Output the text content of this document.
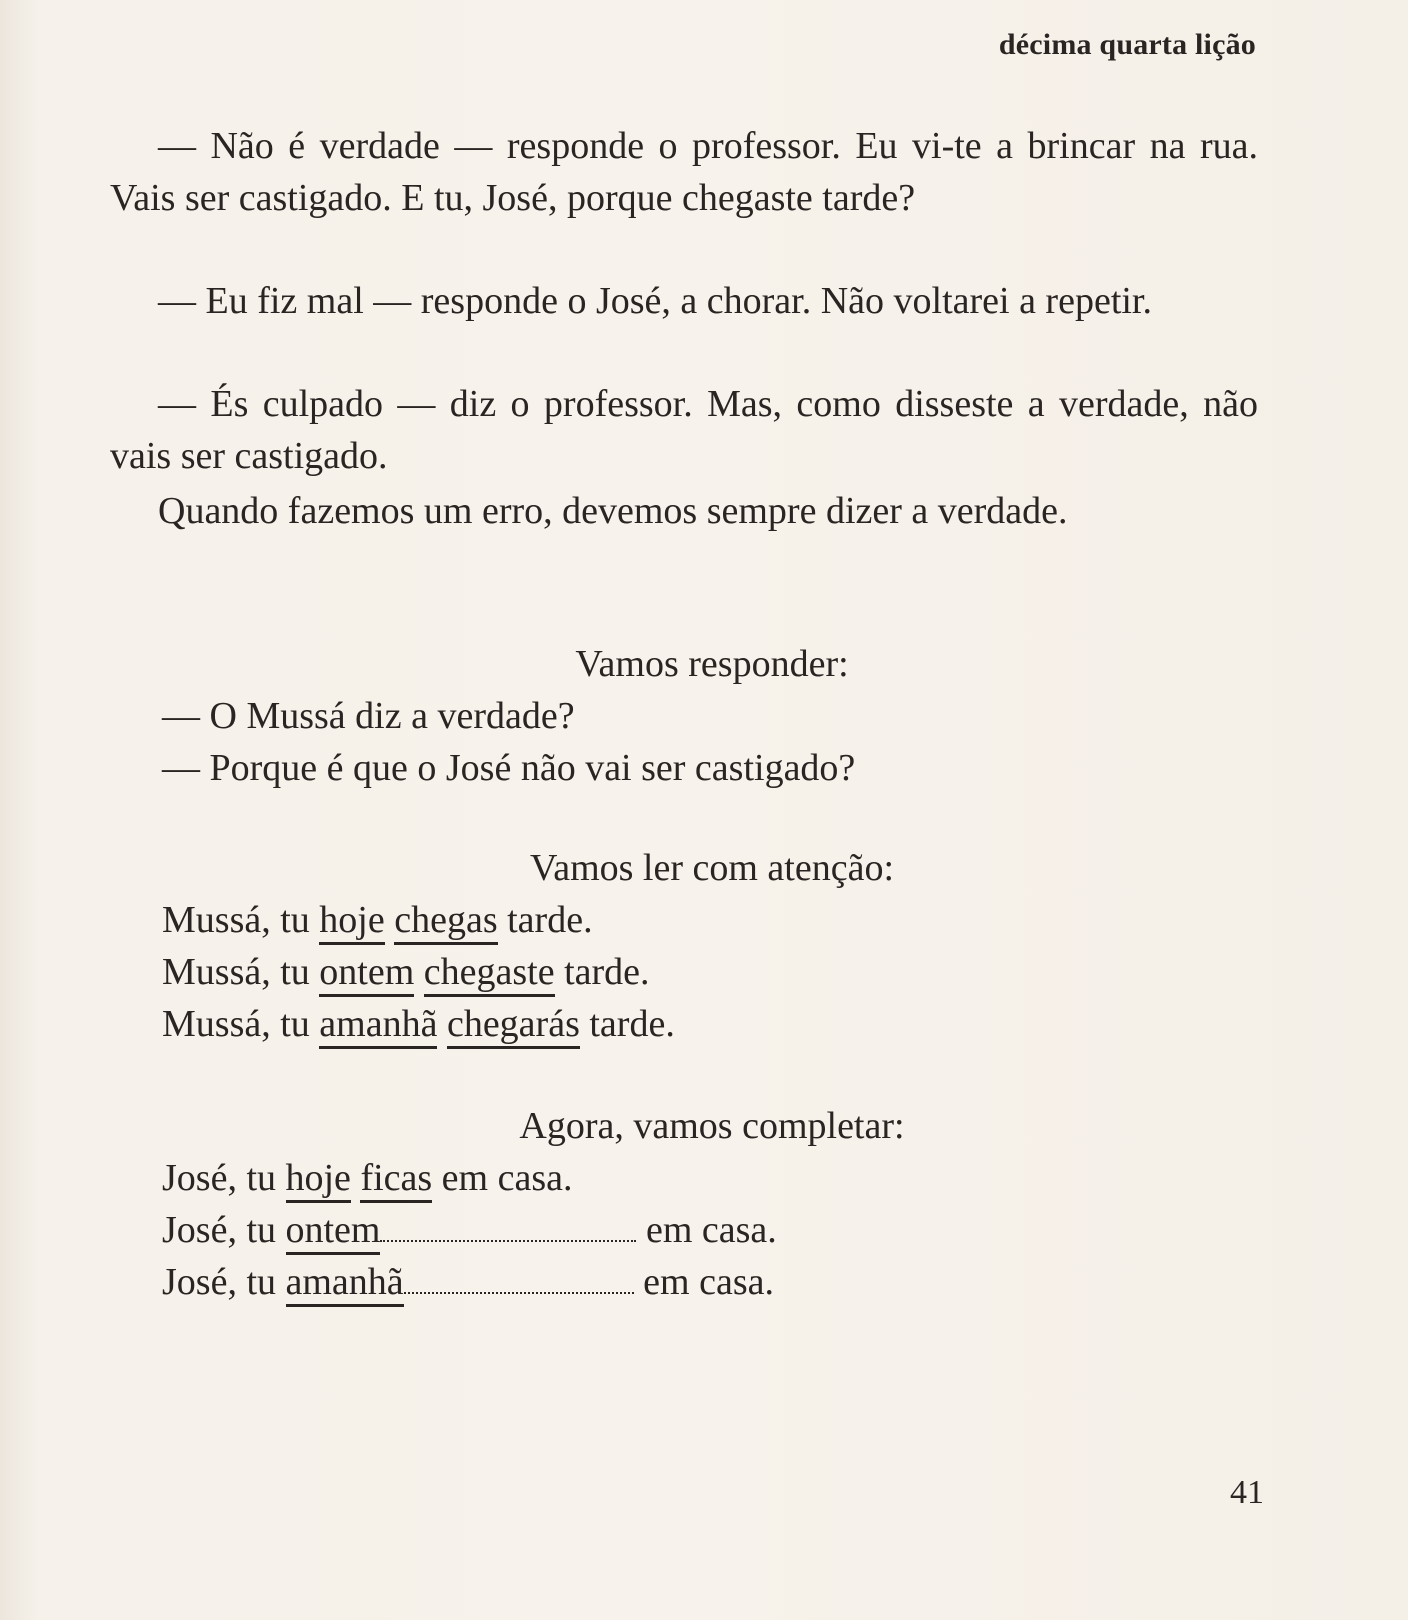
décima quarta lição
— Não é verdade — responde o professor. Eu vi-te a brincar na rua. Vais ser castigado. E tu, José, porque chegaste tarde?
— Eu fiz mal — responde o José, a chorar. Não voltarei a repetir.
— És culpado — diz o professor. Mas, como disseste a verdade, não vais ser castigado.
Quando fazemos um erro, devemos sempre dizer a verdade.
Vamos responder:
— O Mussá diz a verdade?
— Porque é que o José não vai ser castigado?
Vamos ler com atenção:
Mussá, tu hoje chegas tarde.
Mussá, tu ontem chegaste tarde.
Mussá, tu amanhã chegarás tarde.
Agora, vamos completar:
José, tu hoje ficas em casa.
José, tu ontem	em casa.
José, tu amanhã	em casa.
41
